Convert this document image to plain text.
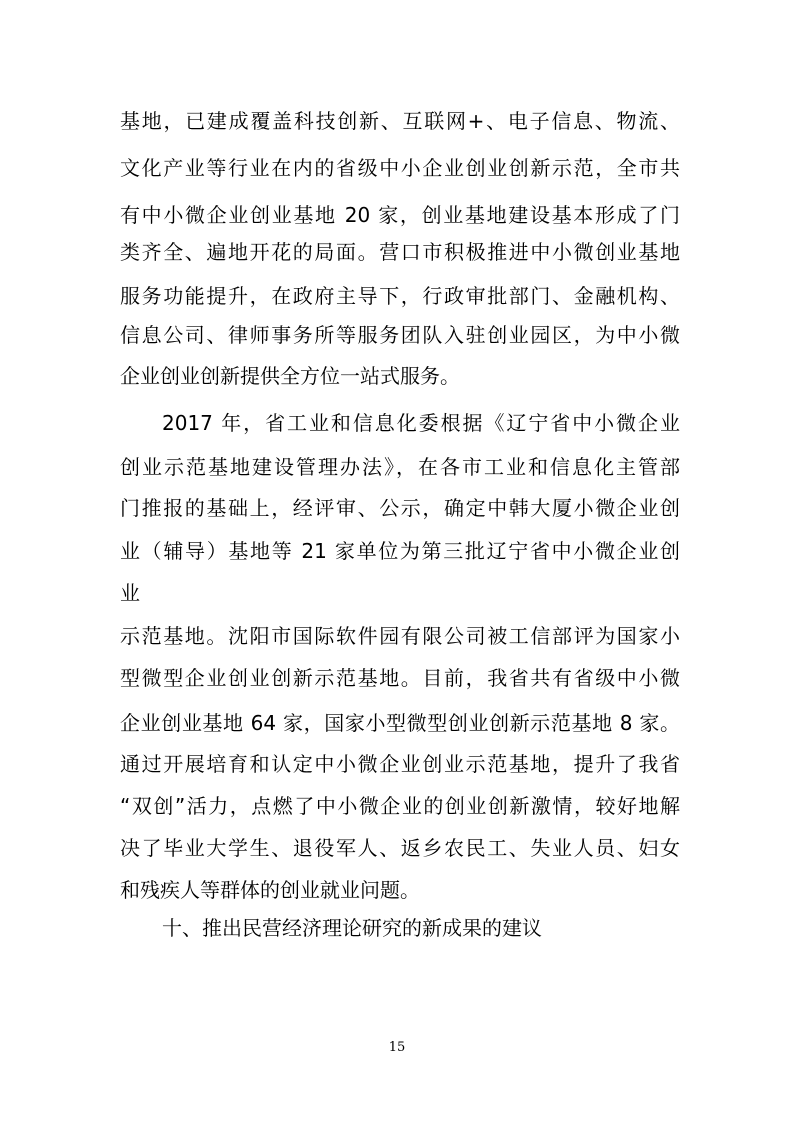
基地，已建成覆盖科技创新、互联网+、电子信息、物流、
文化产业等行业在内的省级中小企业创业创新示范，全市共
有中小微企业创业基地 20 家，创业基地建设基本形成了门
类齐全、遍地开花的局面。营口市积极推进中小微创业基地
服务功能提升，在政府主导下，行政审批部门、金融机构、
信息公司、律师事务所等服务团队入驻创业园区，为中小微
企业创业创新提供全方位一站式服务。
2017 年，省工业和信息化委根据《辽宁省中小微企业
创业示范基地建设管理办法》，在各市工业和信息化主管部
门推报的基础上，经评审、公示，确定中韩大厦小微企业创
业（辅导）基地等 21 家单位为第三批辽宁省中小微企业创
业
示范基地。沈阳市国际软件园有限公司被工信部评为国家小
型微型企业创业创新示范基地。目前，我省共有省级中小微
企业创业基地 64 家，国家小型微型创业创新示范基地 8 家。
通过开展培育和认定中小微企业创业示范基地，提升了我省
“双创”活力，点燃了中小微企业的创业创新激情，较好地解
决了毕业大学生、退役军人、返乡农民工、失业人员、妇女
和残疾人等群体的创业就业问题。
十、推出民营经济理论研究的新成果的建议
15
